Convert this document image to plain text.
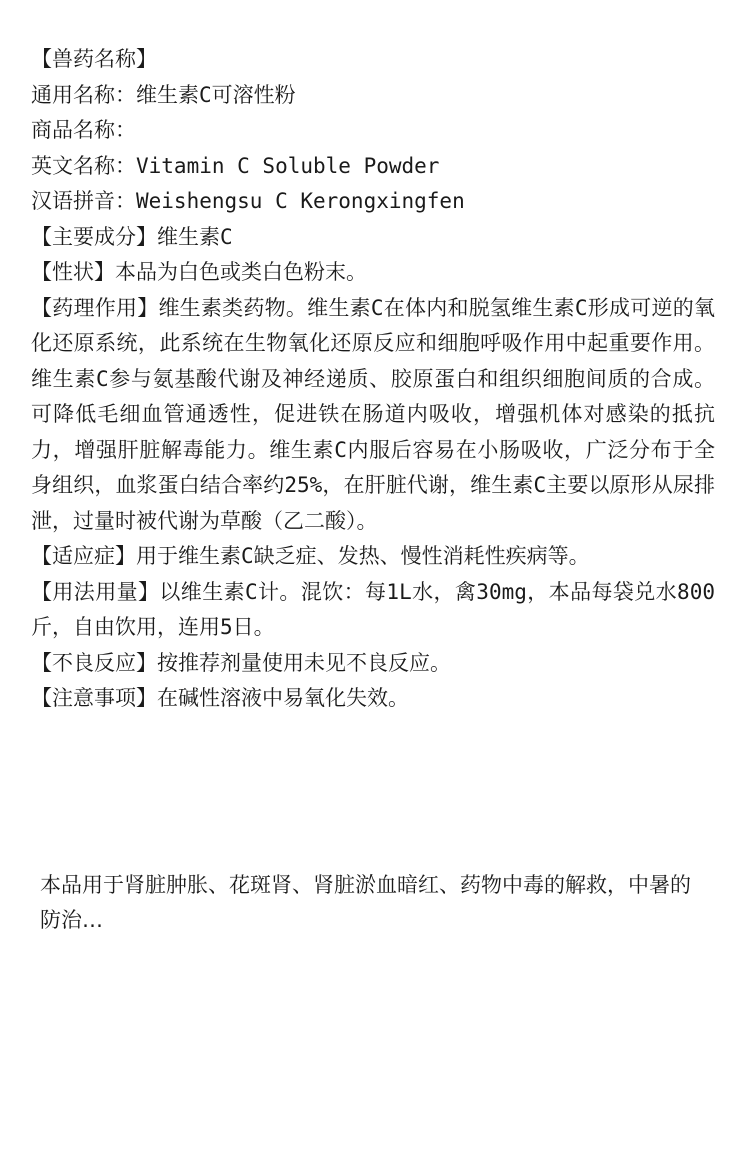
【兽药名称】
通用名称：维生素C可溶性粉
商品名称：
英文名称：Vitamin C Soluble Powder
汉语拼音：Weishengsu C Kerongxingfen
【主要成分】维生素C
【性状】本品为白色或类白色粉末。
【药理作用】维生素类药物。维生素C在体内和脱氢维生素C形成可逆的氧化还原系统，此系统在生物氧化还原反应和细胞呼吸作用中起重要作用。维生素C参与氨基酸代谢及神经递质、胶原蛋白和组织细胞间质的合成。可降低毛细血管通透性，促进铁在肠道内吸收，增强机体对感染的抵抗力，增强肝脏解毒能力。维生素C内服后容易在小肠吸收，广泛分布于全身组织，血浆蛋白结合率约25%，在肝脏代谢，维生素C主要以原形从尿排泄，过量时被代谢为草酸（乙二酸）。
【适应症】用于维生素C缺乏症、发热、慢性消耗性疾病等。
【用法用量】以维生素C计。混饮：每1L水，禽30mg，本品每袋兑水800斤，自由饮用，连用5日。
【不良反应】按推荐剂量使用未见不良反应。
【注意事项】在碱性溶液中易氧化失效。
本品用于肾脏肿胀、花斑肾、肾脏淤血暗红、药物中毒的解救，中暑的防治…
